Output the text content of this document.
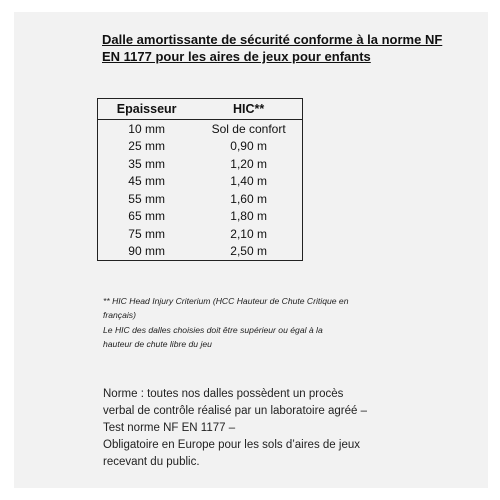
Dalle amortissante de sécurité conforme à la norme NF
EN 1177 pour les aires de jeux pour enfants
Epaisseur	HIC**
10 mm	Sol de confort
25 mm	0,90 m
35 mm	1,20 m
45 mm	1,40 m
55 mm	1,60 m
65 mm	1,80 m
75 mm	2,10 m
90 mm	2,50 m

** HIC Head Injury Criterium (HCC Hauteur de Chute Critique en

français)

Le HIC des dalles choisies doit être supérieur ou égal à la

hauteur de chute libre du jeu

Norme : toutes nos dalles possèdent un procès

verbal de contrôle réalisé par un laboratoire agréé –

Test norme NF EN 1177 –

Obligatoire en Europe pour les sols d’aires de jeux

recevant du public.
